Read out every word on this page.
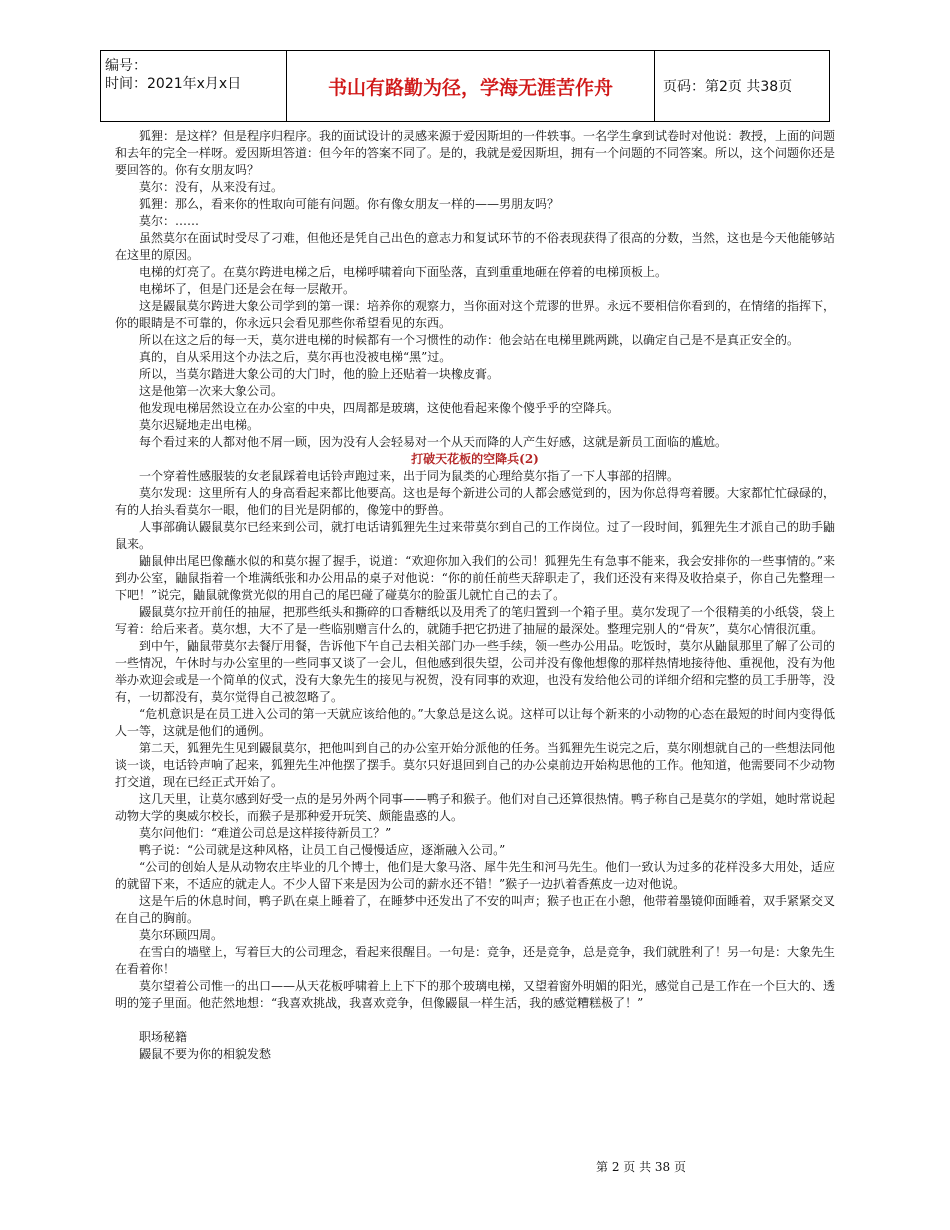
编号：
时间：2021年x月x日	书山有路勤为径，学海无涯苦作舟	页码：第2页 共38页

狐狸：是这样？但是程序归程序。我的面试设计的灵感来源于爱因斯坦的一件轶事。一名学生拿到试卷时对他说：教授，上面的问题和去年的完全一样呀。爱因斯坦答道：但今年的答案不同了。是的，我就是爱因斯坦，拥有一个问题的不同答案。所以，这个问题你还是要回答的。你有女朋友吗？

莫尔：没有，从来没有过。

狐狸：那么，看来你的性取向可能有问题。你有像女朋友一样的——男朋友吗？

莫尔：……

虽然莫尔在面试时受尽了刁难，但他还是凭自己出色的意志力和复试环节的不俗表现获得了很高的分数，当然，这也是今天他能够站在这里的原因。

电梯的灯亮了。在莫尔跨进电梯之后，电梯呼啸着向下面坠落，直到重重地砸在停着的电梯顶板上。

电梯坏了，但是门还是会在每一层敞开。

这是鼹鼠莫尔跨进大象公司学到的第一课：培养你的观察力，当你面对这个荒谬的世界。永远不要相信你看到的，在情绪的指挥下，你的眼睛是不可靠的，你永远只会看见那些你希望看见的东西。

所以在这之后的每一天，莫尔进电梯的时候都有一个习惯性的动作：他会站在电梯里跳两跳，以确定自己是不是真正安全的。

真的，自从采用这个办法之后，莫尔再也没被电梯“黑”过。

所以，当莫尔踏进大象公司的大门时，他的脸上还贴着一块橡皮膏。

这是他第一次来大象公司。

他发现电梯居然设立在办公室的中央，四周都是玻璃，这使他看起来像个傻乎乎的空降兵。

莫尔迟疑地走出电梯。

每个看过来的人都对他不屑一顾，因为没有人会轻易对一个从天而降的人产生好感，这就是新员工面临的尴尬。

打破天花板的空降兵(2)

一个穿着性感服装的女老鼠踩着电话铃声跑过来，出于同为鼠类的心理给莫尔指了一下人事部的招牌。

莫尔发现：这里所有人的身高看起来都比他要高。这也是每个新进公司的人都会感觉到的，因为你总得弯着腰。大家都忙忙碌碌的，有的人抬头看莫尔一眼，他们的目光是阴郁的，像笼中的野兽。

人事部确认鼹鼠莫尔已经来到公司，就打电话请狐狸先生过来带莫尔到自己的工作岗位。过了一段时间，狐狸先生才派自己的助手鼬鼠来。

鼬鼠伸出尾巴像蘸水似的和莫尔握了握手，说道：“欢迎你加入我们的公司！狐狸先生有急事不能来，我会安排你的一些事情的。”来到办公室，鼬鼠指着一个堆满纸张和办公用品的桌子对他说：“你的前任前些天辞职走了，我们还没有来得及收拾桌子，你自己先整理一下吧！”说完，鼬鼠就像赏光似的用自己的尾巴碰了碰莫尔的脸蛋儿就忙自己的去了。

鼹鼠莫尔拉开前任的抽屉，把那些纸头和撕碎的口香糖纸以及用秃了的笔归置到一个箱子里。莫尔发现了一个很精美的小纸袋，袋上写着：给后来者。莫尔想，大不了是一些临别赠言什么的，就随手把它扔进了抽屉的最深处。整理完别人的“骨灰”，莫尔心情很沉重。

到中午，鼬鼠带莫尔去餐厅用餐，告诉他下午自己去相关部门办一些手续，领一些办公用品。吃饭时，莫尔从鼬鼠那里了解了公司的一些情况，午休时与办公室里的一些同事又谈了一会儿，但他感到很失望，公司并没有像他想像的那样热情地接待他、重视他，没有为他举办欢迎会或是一个简单的仪式，没有大象先生的接见与祝贺，没有同事的欢迎，也没有发给他公司的详细介绍和完整的员工手册等，没有，一切都没有，莫尔觉得自己被忽略了。

“危机意识是在员工进入公司的第一天就应该给他的。”大象总是这么说。这样可以让每个新来的小动物的心态在最短的时间内变得低人一等，这就是他们的通例。

第二天，狐狸先生见到鼹鼠莫尔，把他叫到自己的办公室开始分派他的任务。当狐狸先生说完之后，莫尔刚想就自己的一些想法同他谈一谈，电话铃声响了起来，狐狸先生冲他摆了摆手。莫尔只好退回到自己的办公桌前边开始构思他的工作。他知道，他需要同不少动物打交道，现在已经正式开始了。

这几天里，让莫尔感到好受一点的是另外两个同事——鸭子和猴子。他们对自己还算很热情。鸭子称自己是莫尔的学姐，她时常说起动物大学的奥威尔校长，而猴子是那种爱开玩笑、颇能蛊惑的人。

莫尔问他们：“难道公司总是这样接待新员工？”

鸭子说：“公司就是这种风格，让员工自己慢慢适应，逐渐融入公司。”

“公司的创始人是从动物农庄毕业的几个博士，他们是大象马洛、犀牛先生和河马先生。他们一致认为过多的花样没多大用处，适应的就留下来，不适应的就走人。不少人留下来是因为公司的薪水还不错！”猴子一边扒着香蕉皮一边对他说。

这是午后的休息时间，鸭子趴在桌上睡着了，在睡梦中还发出了不安的叫声；猴子也正在小憩，他带着墨镜仰面睡着，双手紧紧交叉在自己的胸前。

莫尔环顾四周。

在雪白的墙壁上，写着巨大的公司理念，看起来很醒目。一句是：竞争，还是竞争，总是竞争，我们就胜利了！另一句是：大象先生在看着你！

莫尔望着公司惟一的出口——从天花板呼啸着上上下下的那个玻璃电梯，又望着窗外明媚的阳光，感觉自己是工作在一个巨大的、透明的笼子里面。他茫然地想：“我喜欢挑战，我喜欢竞争，但像鼹鼠一样生活，我的感觉糟糕极了！”

职场秘籍

鼹鼠不要为你的相貌发愁

第 2 页 共 38 页
